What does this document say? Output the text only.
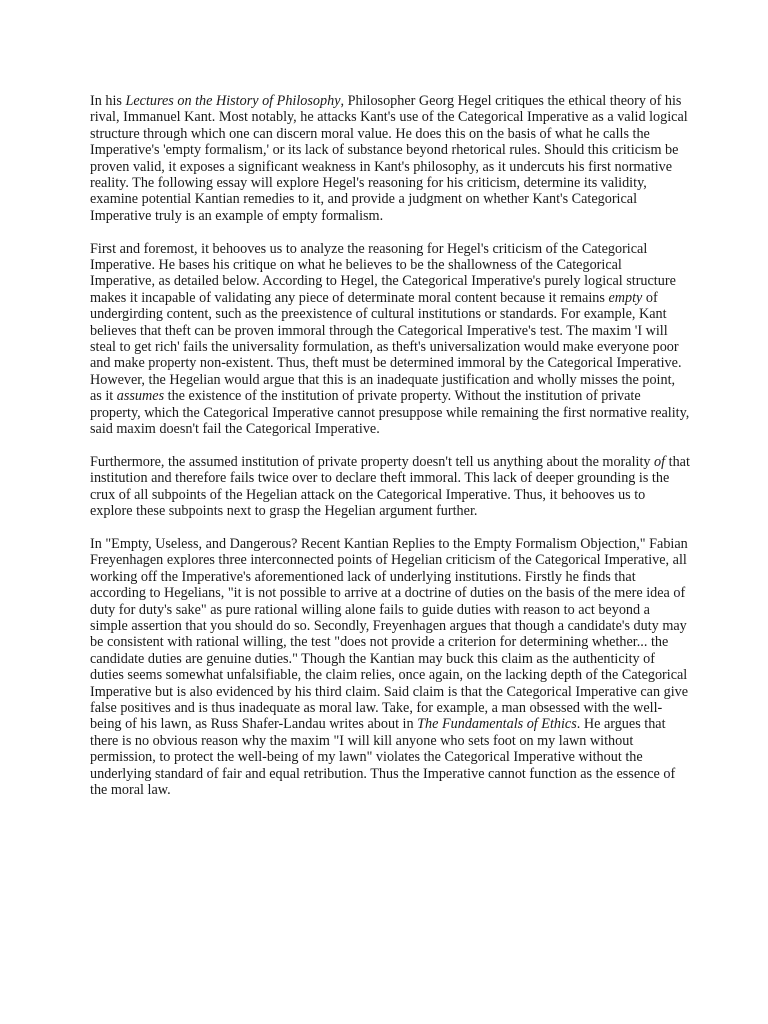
In his Lectures on the History of Philosophy, Philosopher Georg Hegel critiques the ethical theory of his rival, Immanuel Kant. Most notably, he attacks Kant's use of the Categorical Imperative as a valid logical structure through which one can discern moral value. He does this on the basis of what he calls the Imperative's 'empty formalism,' or its lack of substance beyond rhetorical rules. Should this criticism be proven valid, it exposes a significant weakness in Kant's philosophy, as it undercuts his first normative reality. The following essay will explore Hegel's reasoning for his criticism, determine its validity, examine potential Kantian remedies to it, and provide a judgment on whether Kant's Categorical Imperative truly is an example of empty formalism.

First and foremost, it behooves us to analyze the reasoning for Hegel's criticism of the Categorical Imperative. He bases his critique on what he believes to be the shallowness of the Categorical Imperative, as detailed below. According to Hegel, the Categorical Imperative's purely logical structure makes it incapable of validating any piece of determinate moral content because it remains empty of undergirding content, such as the preexistence of cultural institutions or standards. For example, Kant believes that theft can be proven immoral through the Categorical Imperative's test. The maxim 'I will steal to get rich' fails the universality formulation, as theft's universalization would make everyone poor and make property non-existent. Thus, theft must be determined immoral by the Categorical Imperative. However, the Hegelian would argue that this is an inadequate justification and wholly misses the point, as it assumes the existence of the institution of private property. Without the institution of private property, which the Categorical Imperative cannot presuppose while remaining the first normative reality, said maxim doesn't fail the Categorical Imperative.

Furthermore, the assumed institution of private property doesn't tell us anything about the morality of that institution and therefore fails twice over to declare theft immoral. This lack of deeper grounding is the crux of all subpoints of the Hegelian attack on the Categorical Imperative. Thus, it behooves us to explore these subpoints next to grasp the Hegelian argument further.

In "Empty, Useless, and Dangerous? Recent Kantian Replies to the Empty Formalism Objection," Fabian Freyenhagen explores three interconnected points of Hegelian criticism of the Categorical Imperative, all working off the Imperative's aforementioned lack of underlying institutions. Firstly he finds that according to Hegelians, "it is not possible to arrive at a doctrine of duties on the basis of the mere idea of duty for duty's sake" as pure rational willing alone fails to guide duties with reason to act beyond a simple assertion that you should do so. Secondly, Freyenhagen argues that though a candidate's duty may be consistent with rational willing, the test "does not provide a criterion for determining whether... the candidate duties are genuine duties." Though the Kantian may buck this claim as the authenticity of duties seems somewhat unfalsifiable, the claim relies, once again, on the lacking depth of the Categorical Imperative but is also evidenced by his third claim. Said claim is that the Categorical Imperative can give false positives and is thus inadequate as moral law. Take, for example, a man obsessed with the well-being of his lawn, as Russ Shafer-Landau writes about in The Fundamentals of Ethics. He argues that there is no obvious reason why the maxim "I will kill anyone who sets foot on my lawn without permission, to protect the well-being of my lawn" violates the Categorical Imperative without the underlying standard of fair and equal retribution. Thus the Imperative cannot function as the essence of the moral law.
